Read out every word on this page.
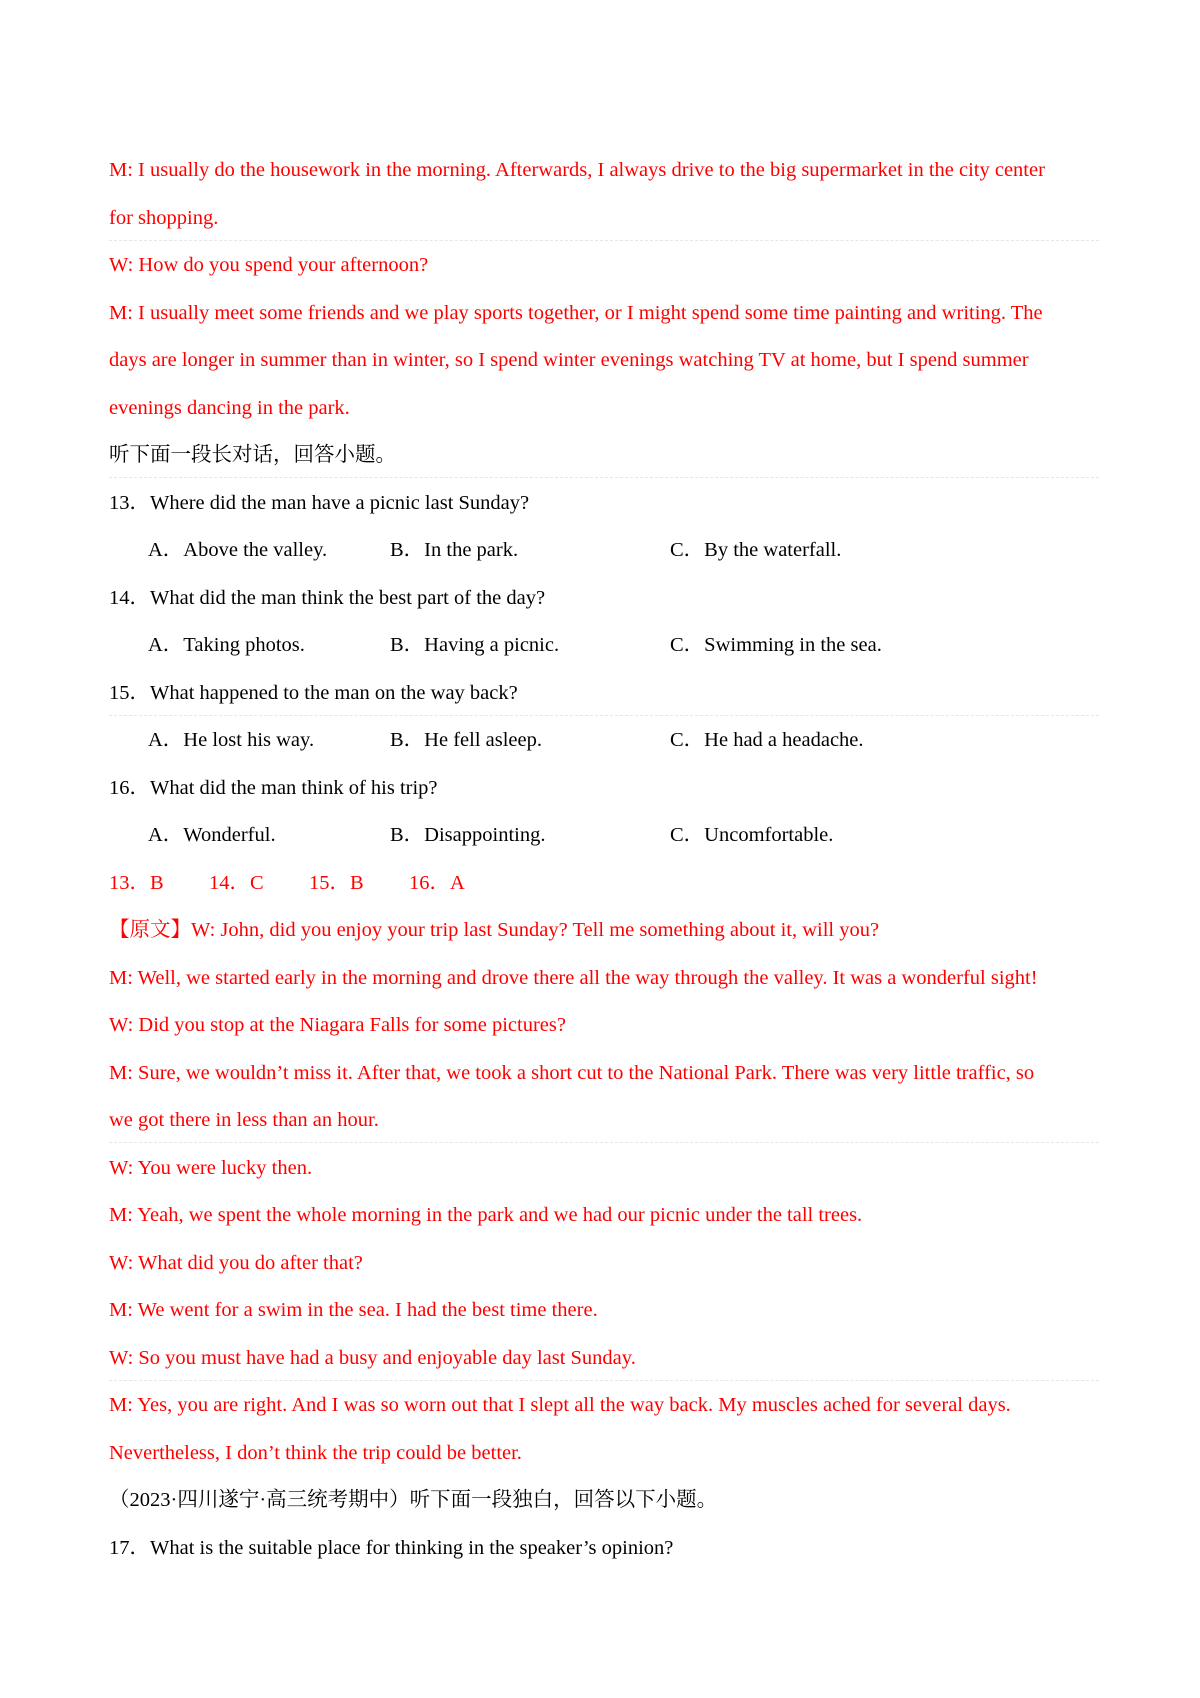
M: I usually do the housework in the morning. Afterwards, I always drive to the big supermarket in the city center
for shopping.
W: How do you spend your afternoon?
M: I usually meet some friends and we play sports together, or I might spend some time painting and writing. The
days are longer in summer than in winter, so I spend winter evenings watching TV at home, but I spend summer
evenings dancing in the park.
听下面一段长对话，回答小题。
13．Where did the man have a picnic last Sunday?
A．Above the valley.	B．In the park.	C．By the waterfall.
14．What did the man think the best part of the day?
A．Taking photos.	B．Having a picnic.	C．Swimming in the sea.
15．What happened to the man on the way back?
A．He lost his way.	B．He fell asleep.	C．He had a headache.
16．What did the man think of his trip?
A．Wonderful.	B．Disappointing.	C．Uncomfortable.
13．B 14．C 15．B 16．A
【原文】W: John, did you enjoy your trip last Sunday? Tell me something about it, will you?
M: Well, we started early in the morning and drove there all the way through the valley. It was a wonderful sight!
W: Did you stop at the Niagara Falls for some pictures?
M: Sure, we wouldn’t miss it. After that, we took a short cut to the National Park. There was very little traffic, so
we got there in less than an hour.
W: You were lucky then.
M: Yeah, we spent the whole morning in the park and we had our picnic under the tall trees.
W: What did you do after that?
M: We went for a swim in the sea. I had the best time there.
W: So you must have had a busy and enjoyable day last Sunday.
M: Yes, you are right. And I was so worn out that I slept all the way back. My muscles ached for several days.
Nevertheless, I don’t think the trip could be better.
（2023·四川遂宁·高三统考期中）听下面一段独白，回答以下小题。
17．What is the suitable place for thinking in the speaker’s opinion?
